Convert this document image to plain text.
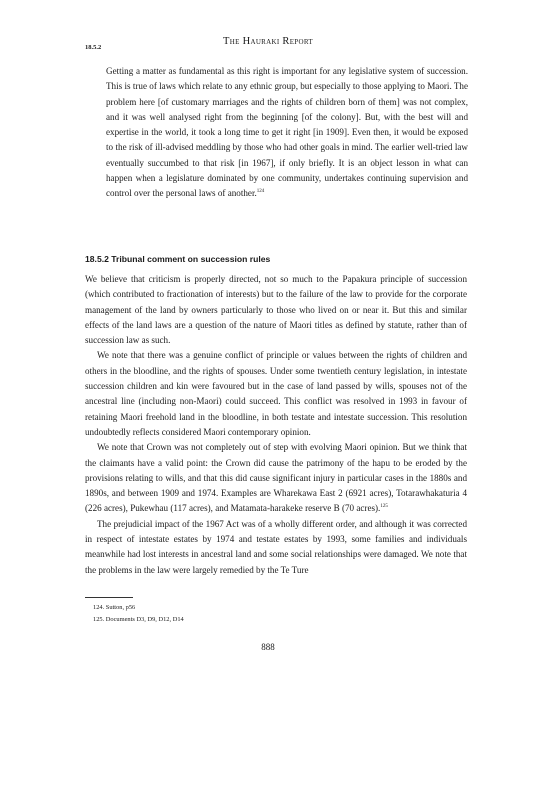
The Hauraki Report
18.5.2
Getting a matter as fundamental as this right is important for any legislative system of succession. This is true of laws which relate to any ethnic group, but especially to those applying to Maori. The problem here [of customary marriages and the rights of children born of them] was not complex, and it was well analysed right from the beginning [of the colony]. But, with the best will and expertise in the world, it took a long time to get it right [in 1909]. Even then, it would be exposed to the risk of ill-advised meddling by those who had other goals in mind. The earlier well-tried law eventually succumbed to that risk [in 1967], if only briefly. It is an object lesson in what can happen when a legislature dominated by one community, undertakes continuing supervision and control over the personal laws of another.$^{124}$
18.5.2 Tribunal comment on succession rules

We believe that criticism is properly directed, not so much to the Papakura principle of succession (which contributed to fractionation of interests) but to the failure of the law to provide for the corporate management of the land by owners particularly to those who lived on or near it. But this and similar effects of the land laws are a question of the nature of Maori titles as defined by statute, rather than of succession law as such.

We note that there was a genuine conflict of principle or values between the rights of children and others in the bloodline, and the rights of spouses. Under some twentieth century legislation, in intestate succession children and kin were favoured but in the case of land passed by wills, spouses not of the ancestral line (including non-Maori) could succeed. This conflict was resolved in 1993 in favour of retaining Maori freehold land in the bloodline, in both testate and intestate succession. This resolution undoubtedly reflects considered Maori contemporary opinion.

We note that Crown was not completely out of step with evolving Maori opinion. But we think that the claimants have a valid point: the Crown did cause the patrimony of the hapu to be eroded by the provisions relating to wills, and that this did cause significant injury in particular cases in the 1880s and 1890s, and between 1909 and 1974. Examples are Wharekawa East 2 (6921 acres), Totarawhakaturia 4 (226 acres), Pukewhau (117 acres), and Matamata-harakeke reserve B (70 acres).$^{125}$

The prejudicial impact of the 1967 Act was of a wholly different order, and although it was corrected in respect of intestate estates by 1974 and testate estates by 1993, some families and individuals meanwhile had lost interests in ancestral land and some social relationships were damaged. We note that the problems in the law were largely remedied by the Te Ture

124. Sutton, p56
125. Documents D3, D9, D12, D14
888
